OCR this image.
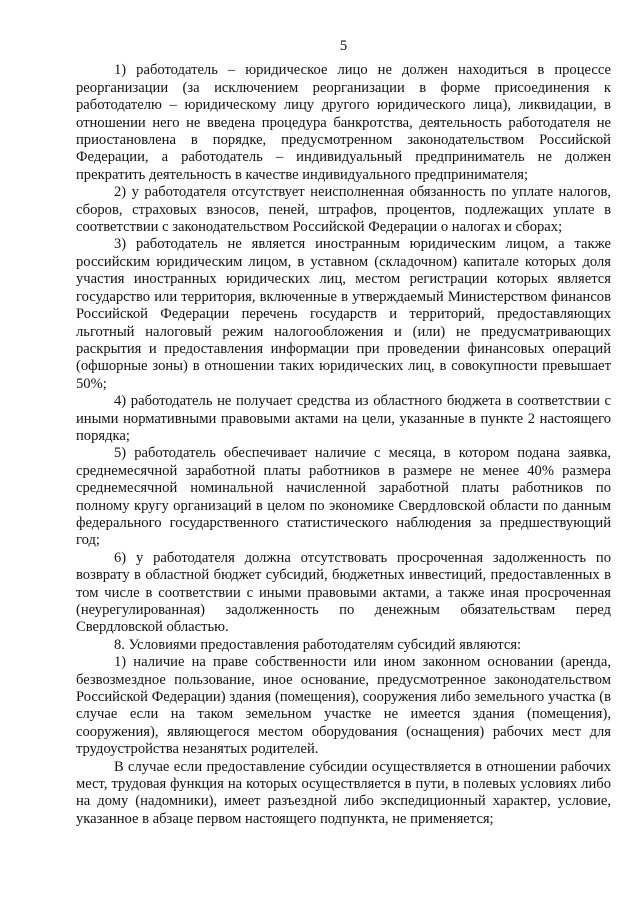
5

1) работодатель – юридическое лицо не должен находиться в процессе реорганизации (за исключением реорганизации в форме присоединения к работодателю – юридическому лицу другого юридического лица), ликвидации, в отношении него не введена процедура банкротства, деятельность работодателя не приостановлена в порядке, предусмотренном законодательством Российской Федерации, а работодатель – индивидуальный предприниматель не должен прекратить деятельность в качестве индивидуального предпринимателя;

2) у работодателя отсутствует неисполненная обязанность по уплате налогов, сборов, страховых взносов, пеней, штрафов, процентов, подлежащих уплате в соответствии с законодательством Российской Федерации о налогах и сборах;

3) работодатель не является иностранным юридическим лицом, а также российским юридическим лицом, в уставном (складочном) капитале которых доля участия иностранных юридических лиц, местом регистрации которых является государство или территория, включенные в утверждаемый Министерством финансов Российской Федерации перечень государств и территорий, предоставляющих льготный налоговый режим налогообложения и (или) не предусматривающих раскрытия и предоставления информации при проведении финансовых операций (офшорные зоны) в отношении таких юридических лиц, в совокупности превышает 50%;

4) работодатель не получает средства из областного бюджета в соответствии с иными нормативными правовыми актами на цели, указанные в пункте 2 настоящего порядка;

5) работодатель обеспечивает наличие с месяца, в котором подана заявка, среднемесячной заработной платы работников в размере не менее 40% размера среднемесячной номинальной начисленной заработной платы работников по полному кругу организаций в целом по экономике Свердловской области по данным федерального государственного статистического наблюдения за предшествующий год;

6) у работодателя должна отсутствовать просроченная задолженность по возврату в областной бюджет субсидий, бюджетных инвестиций, предоставленных в том числе в соответствии с иными правовыми актами, а также иная просроченная (неурегулированная) задолженность по денежным обязательствам перед Свердловской областью.

8. Условиями предоставления работодателям субсидий являются:

1) наличие на праве собственности или ином законном основании (аренда, безвозмездное пользование, иное основание, предусмотренное законодательством Российской Федерации) здания (помещения), сооружения либо земельного участка (в случае если на таком земельном участке не имеется здания (помещения), сооружения), являющегося местом оборудования (оснащения) рабочих мест для трудоустройства незанятых родителей.

В случае если предоставление субсидии осуществляется в отношении рабочих мест, трудовая функция на которых осуществляется в пути, в полевых условиях либо на дому (надомники), имеет разъездной либо экспедиционный характер, условие, указанное в абзаце первом настоящего подпункта, не применяется;
